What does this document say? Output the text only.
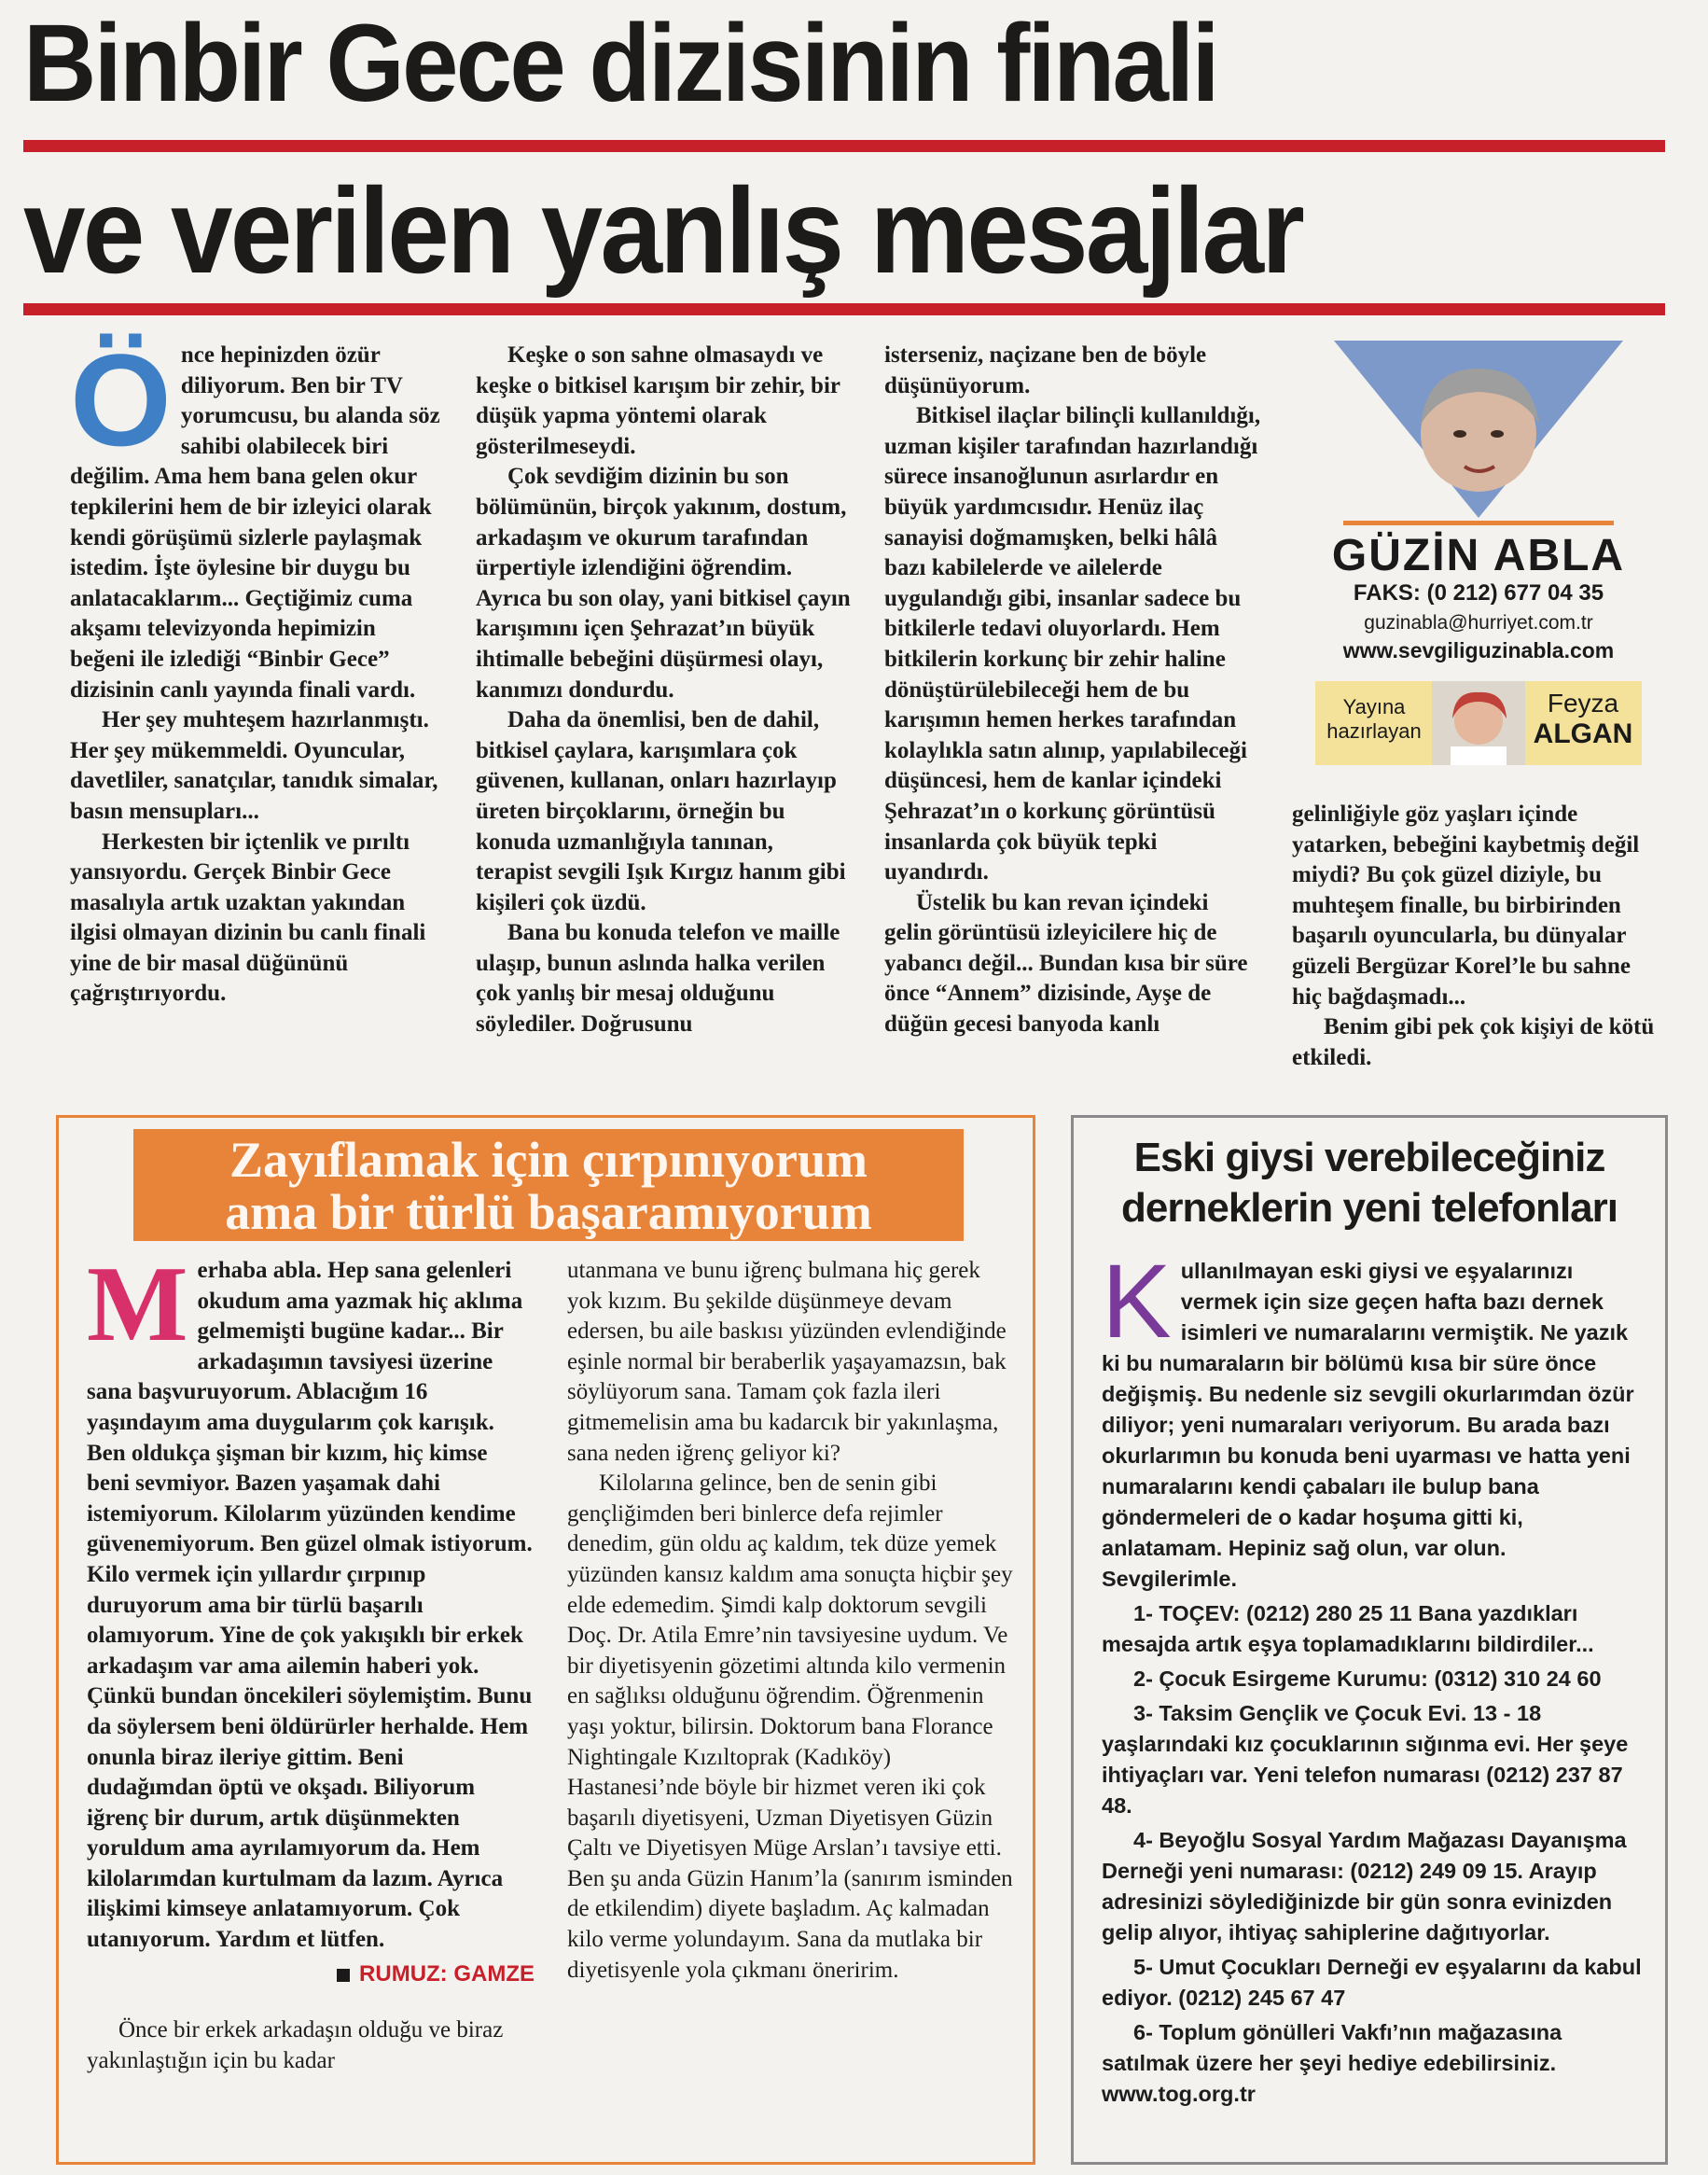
Binbir Gece dizisinin finali
ve verilen yanlış mesajlar
Ö nce hepinizden özür diliyorum. Ben bir TV yorumcusu, bu alanda söz sahibi olabilecek biri değilim. Ama hem bana gelen okur tepkilerini hem de bir izleyici olarak kendi görüşümü sizlerle paylaşmak istedim. İşte öylesine bir duygu bu anlatacaklarım... Geçtiğimiz cuma akşamı televizyonda hepimizin beğeni ile izlediği “Binbir Gece” dizisinin canlı yayında finali vardı.

Her şey muhteşem hazırlanmıştı. Her şey mükemmeldi. Oyuncular, davetliler, sanatçılar, tanıdık simalar, basın mensupları...

Herkesten bir içtenlik ve pırıltı yansıyordu. Gerçek Binbir Gece masalıyla artık uzaktan yakından ilgisi olmayan dizinin bu canlı finali yine de bir masal düğününü çağrıştırıyordu.

Keşke o son sahne olmasaydı ve keşke o bitkisel karışım bir zehir, bir düşük yapma yöntemi olarak gösterilmeseydi.

Çok sevdiğim dizinin bu son bölümünün, birçok yakınım, dostum, arkadaşım ve okurum tarafından ürpertiyle izlendiğini öğrendim. Ayrıca bu son olay, yani bitkisel çayın karışımını içen Şehrazat’ın büyük ihtimalle bebeğini düşürmesi olayı, kanımızı dondurdu.

Daha da önemlisi, ben de dahil, bitkisel çaylara, karışımlara çok güvenen, kullanan, onları hazırlayıp üreten birçoklarını, örneğin bu konuda uzmanlığıyla tanınan, terapist sevgili Işık Kırgız hanım gibi kişileri çok üzdü.

Bana bu konuda telefon ve maille ulaşıp, bunun aslında halka verilen çok yanlış bir mesaj olduğunu söylediler. Doğrusunu

isterseniz, naçizane ben de böyle düşünüyorum.

Bitkisel ilaçlar bilinçli kullanıldığı, uzman kişiler tarafından hazırlandığı sürece insanoğlunun asırlardır en büyük yardımcısıdır. Henüz ilaç sanayisi doğmamışken, belki hâlâ bazı kabilelerde ve ailelerde uygulandığı gibi, insanlar sadece bu bitkilerle tedavi oluyorlardı. Hem bitkilerin korkunç bir zehir haline dönüştürülebileceği hem de bu karışımın hemen herkes tarafından kolaylıkla satın alınıp, yapılabileceği düşüncesi, hem de kanlar içindeki Şehrazat’ın o korkunç görüntüsü insanlarda çok büyük tepki uyandırdı.

Üstelik bu kan revan içindeki gelin görüntüsü izleyicilere hiç de yabancı değil... Bundan kısa bir süre önce “Annem” dizisinde, Ayşe de düğün gecesi banyoda kanlı

GÜZİN ABLA
FAKS: (0 212) 677 04 35
guzinabla@hurriyet.com.tr
www.sevgiliguzinabla.com
Yayına hazırlayan
Feyza
ALGAN

gelinliğiyle göz yaşları içinde yatarken, bebeğini kaybetmiş değil miydi? Bu çok güzel diziyle, bu muhteşem finalle, bu birbirinden başarılı oyuncularla, bu dünyalar güzeli Bergüzar Korel’le bu sahne hiç bağdaşmadı...

Benim gibi pek çok kişiyi de kötü etkiledi.

Zayıflamak için çırpınıyorum
ama bir türlü başaramıyorum
M erhaba abla. Hep sana gelenleri okudum ama yazmak hiç aklıma gelmemişti bugüne kadar... Bir arkadaşımın tavsiyesi üzerine sana başvuruyorum. Ablacığım 16 yaşındayım ama duygularım çok karışık. Ben oldukça şişman bir kızım, hiç kimse beni sevmiyor. Bazen yaşamak dahi istemiyorum. Kilolarım yüzünden kendime güvenemiyorum. Ben güzel olmak istiyorum. Kilo vermek için yıllardır çırpınıp duruyorum ama bir türlü başarılı olamıyorum. Yine de çok yakışıklı bir erkek arkadaşım var ama ailemin haberi yok. Çünkü bundan öncekileri söylemiştim. Bunu da söylersem beni öldürürler herhalde. Hem onunla biraz ileriye gittim. Beni dudağımdan öptü ve okşadı. Biliyorum iğrenç bir durum, artık düşünmekten yoruldum ama ayrılamıyorum da. Hem kilolarımdan kurtulmam da lazım. Ayrıca ilişkimi kimseye anlatamıyorum. Çok utanıyorum. Yardım et lütfen.

RUMUZ: GAMZE

Önce bir erkek arkadaşın olduğu ve biraz yakınlaştığın için bu kadar

utanmana ve bunu iğrenç bulmana hiç gerek yok kızım. Bu şekilde düşünmeye devam edersen, bu aile baskısı yüzünden evlendiğinde eşinle normal bir beraberlik yaşayamazsın, bak söylüyorum sana. Tamam çok fazla ileri gitmemelisin ama bu kadarcık bir yakınlaşma, sana neden iğrenç geliyor ki?

Kilolarına gelince, ben de senin gibi gençliğimden beri binlerce defa rejimler denedim, gün oldu aç kaldım, tek düze yemek yüzünden kansız kaldım ama sonuçta hiçbir şey elde edemedim. Şimdi kalp doktorum sevgili Doç. Dr. Atila Emre’nin tavsiyesine uydum. Ve bir diyetisyenin gözetimi altında kilo vermenin en sağlıksı olduğunu öğrendim. Öğrenmenin yaşı yoktur, bilirsin. Doktorum bana Florance Nightingale Kızıltoprak (Kadıköy) Hastanesi’nde böyle bir hizmet veren iki çok başarılı diyetisyeni, Uzman Diyetisyen Güzin Çaltı ve Diyetisyen Müge Arslan’ı tavsiye etti. Ben şu anda Güzin Hanım’la (sanırım isminden de etkilendim) diyete başladım. Aç kalmadan kilo verme yolundayım. Sana da mutlaka bir diyetisyenle yola çıkmanı öneririm.

Eski giysi verebileceğiniz
derneklerin yeni telefonları
K ullanılmayan eski giysi ve eşyalarınızı vermek için size geçen hafta bazı dernek isimleri ve numaralarını vermiştik. Ne yazık ki bu numaraların bir bölümü kısa bir süre önce değişmiş. Bu nedenle siz sevgili okurlarımdan özür diliyor; yeni numaraları veriyorum. Bu arada bazı okurlarımın bu konuda beni uyarması ve hatta yeni numaralarını kendi çabaları ile bulup bana göndermeleri de o kadar hoşuma gitti ki, anlatamam. Hepiniz sağ olun, var olun. Sevgilerimle.

1- TOÇEV: (0212) 280 25 11 Bana yazdıkları mesajda artık eşya toplamadıklarını bildirdiler...

2- Çocuk Esirgeme Kurumu: (0312) 310 24 60

3- Taksim Gençlik ve Çocuk Evi. 13 - 18 yaşlarındaki kız çocuklarının sığınma evi. Her şeye ihtiyaçları var. Yeni telefon numarası (0212) 237 87 48.

4- Beyoğlu Sosyal Yardım Mağazası Dayanışma Derneği yeni numarası: (0212) 249 09 15. Arayıp adresinizi söylediğinizde bir gün sonra evinizden gelip alıyor, ihtiyaç sahiplerine dağıtıyorlar.

5- Umut Çocukları Derneği ev eşyalarını da kabul ediyor. (0212) 245 67 47

6- Toplum gönülleri Vakfı’nın mağazasına satılmak üzere her şeyi hediye edebilirsiniz. www.tog.org.tr
